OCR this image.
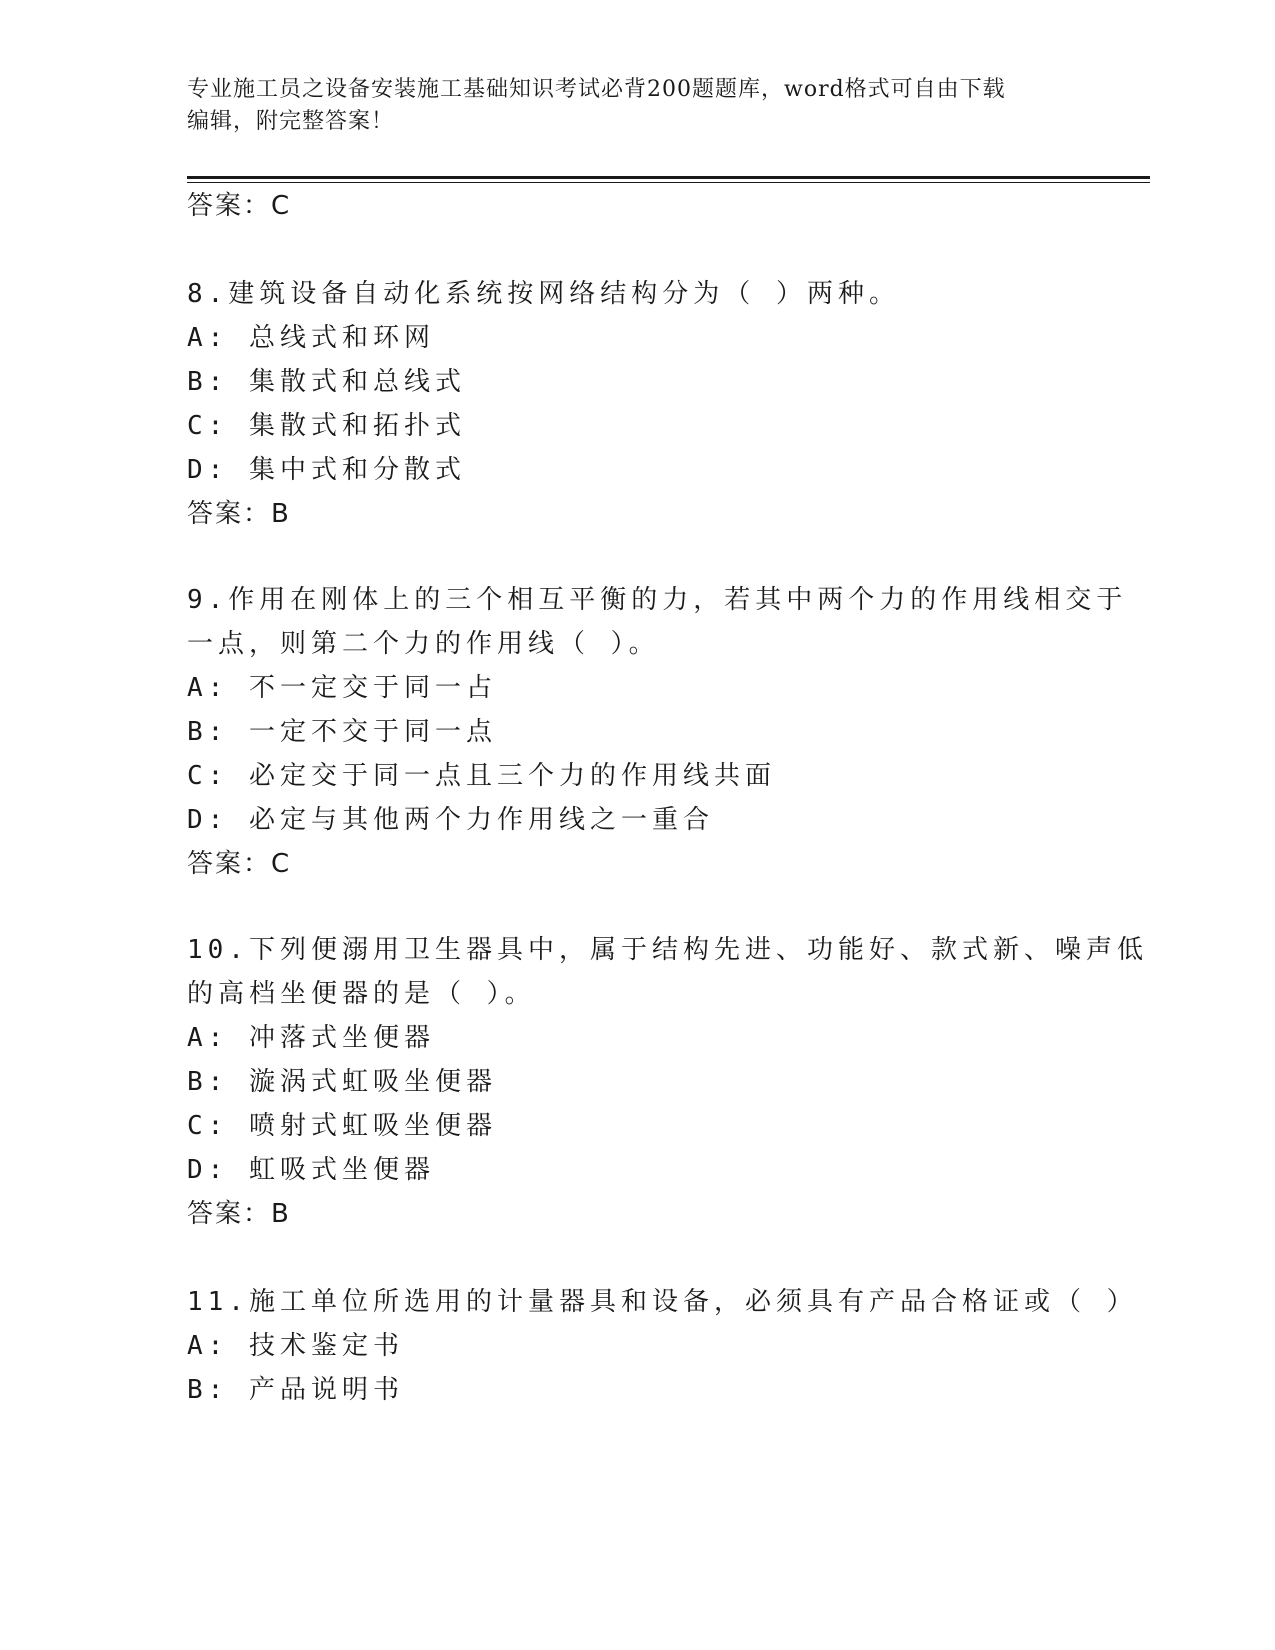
专业施工员之设备安装施工基础知识考试必背200题题库，word格式可自由下载
编辑，附完整答案！
答案：C
8.建筑设备自动化系统按网络结构分为（ ）两种。
A: 总线式和环网
B: 集散式和总线式
C: 集散式和拓扑式
D: 集中式和分散式
答案：B
9.作用在刚体上的三个相互平衡的力，若其中两个力的作用线相交于
一点，则第二个力的作用线（ ）。
A: 不一定交于同一占
B: 一定不交于同一点
C: 必定交于同一点且三个力的作用线共面
D: 必定与其他两个力作用线之一重合
答案：C
10.下列便溺用卫生器具中，属于结构先进、功能好、款式新、噪声低
的高档坐便器的是（ ）。
A: 冲落式坐便器
B: 漩涡式虹吸坐便器
C: 喷射式虹吸坐便器
D: 虹吸式坐便器
答案：B
11.施工单位所选用的计量器具和设备，必须具有产品合格证或（ ）
A: 技术鉴定书
B: 产品说明书
